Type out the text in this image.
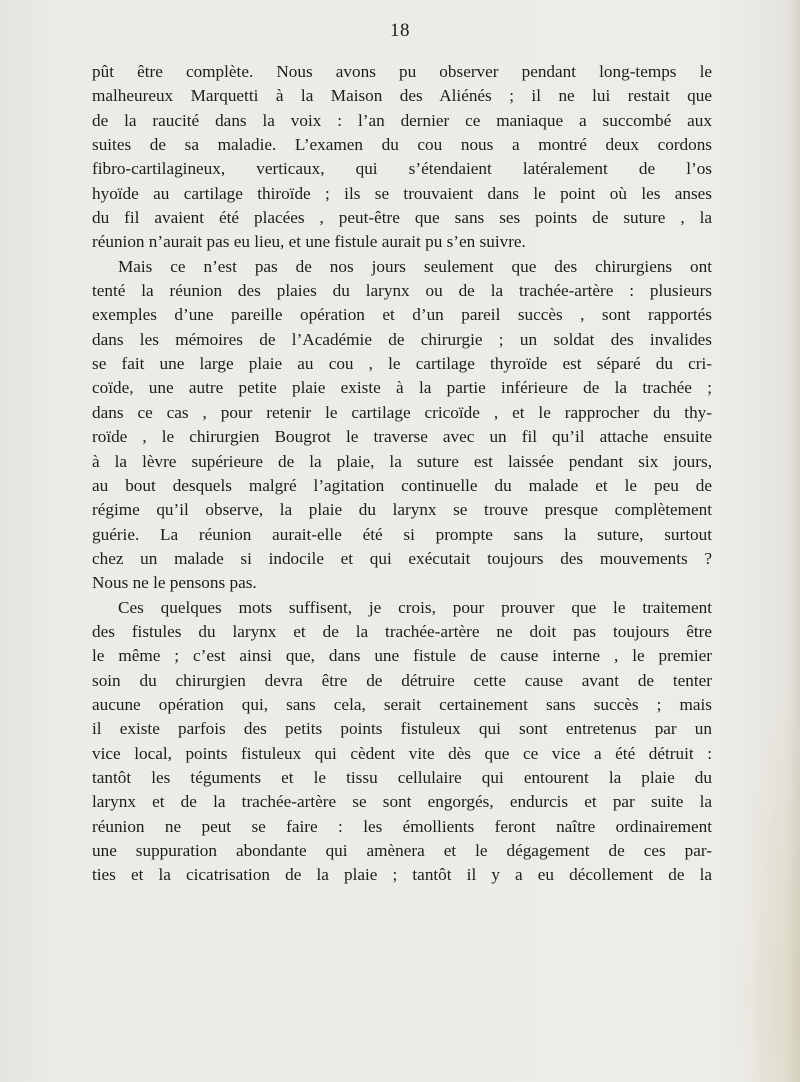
18
pût être complète. Nous avons pu observer pendant long-temps le
malheureux Marquetti à la Maison des Aliénés ; il ne lui restait que
de la raucité dans la voix : l’an dernier ce maniaque a succombé aux
suites de sa maladie. L’examen du cou nous a montré deux cordons
fibro-cartilagineux, verticaux, qui s’étendaient latéralement de l’os
hyoïde au cartilage thiroïde ; ils se trouvaient dans le point où les anses
du fil avaient été placées , peut-être que sans ses points de suture , la
réunion n’aurait pas eu lieu, et une fistule aurait pu s’en suivre.
Mais ce n’est pas de nos jours seulement que des chirurgiens ont
tenté la réunion des plaies du larynx ou de la trachée-artère : plusieurs
exemples d’une pareille opération et d’un pareil succès , sont rapportés
dans les mémoires de l’Académie de chirurgie ; un soldat des invalides
se fait une large plaie au cou , le cartilage thyroïde est séparé du cri-
coïde, une autre petite plaie existe à la partie inférieure de la trachée ;
dans ce cas , pour retenir le cartilage cricoïde , et le rapprocher du thy-
roïde , le chirurgien Bougrot le traverse avec un fil qu’il attache ensuite
à la lèvre supérieure de la plaie, la suture est laissée pendant six jours,
au bout desquels malgré l’agitation continuelle du malade et le peu de
régime qu’il observe, la plaie du larynx se trouve presque complètement
guérie. La réunion aurait-elle été si prompte sans la suture, surtout
chez un malade si indocile et qui exécutait toujours des mouvements ?
Nous ne le pensons pas.
Ces quelques mots suffisent, je crois, pour prouver que le traitement
des fistules du larynx et de la trachée-artère ne doit pas toujours être
le même ; c’est ainsi que, dans une fistule de cause interne , le premier
soin du chirurgien devra être de détruire cette cause avant de tenter
aucune opération qui, sans cela, serait certainement sans succès ; mais
il existe parfois des petits points fistuleux qui sont entretenus par un
vice local, points fistuleux qui cèdent vite dès que ce vice a été détruit :
tantôt les téguments et le tissu cellulaire qui entourent la plaie du
larynx et de la trachée-artère se sont engorgés, endurcis et par suite la
réunion ne peut se faire : les émollients feront naître ordinairement
une suppuration abondante qui amènera et le dégagement de ces par-
ties et la cicatrisation de la plaie ; tantôt il y a eu décollement de la
